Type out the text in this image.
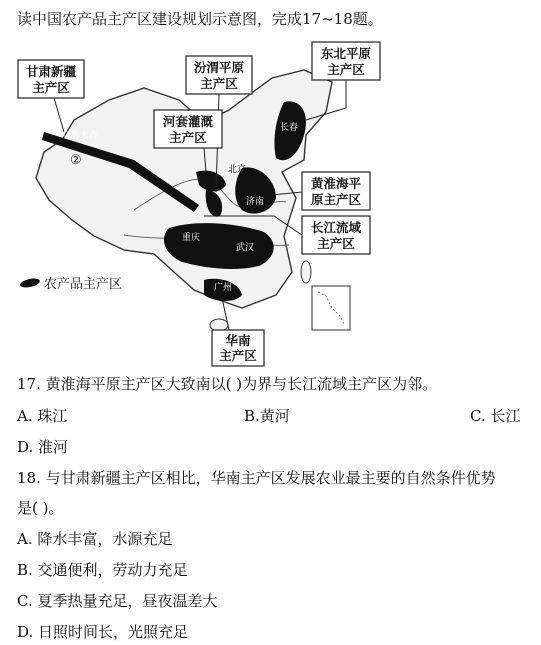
读中国农产品主产区建设规划示意图，完成17~18题。
甘肃新疆
主产区
汾渭平原
主产区
东北平原
主产区
河套灌溉
主产区
黄淮海平
原主产区
长江流域
主产区
华南
主产区
乌鲁木齐
长春
北京
济南
重庆
武汉
广州
②
农产品主产区
17. 黄淮海平原主产区大致南以( )为界与长江流域主产区为邻。
A. 珠江	B.黄河	C. 长江
D. 淮河
18. 与甘肃新疆主产区相比，华南主产区发展农业最主要的自然条件优势
是( )。
A. 降水丰富，水源充足
B. 交通便利，劳动力充足
C. 夏季热量充足，昼夜温差大
D. 日照时间长，光照充足
